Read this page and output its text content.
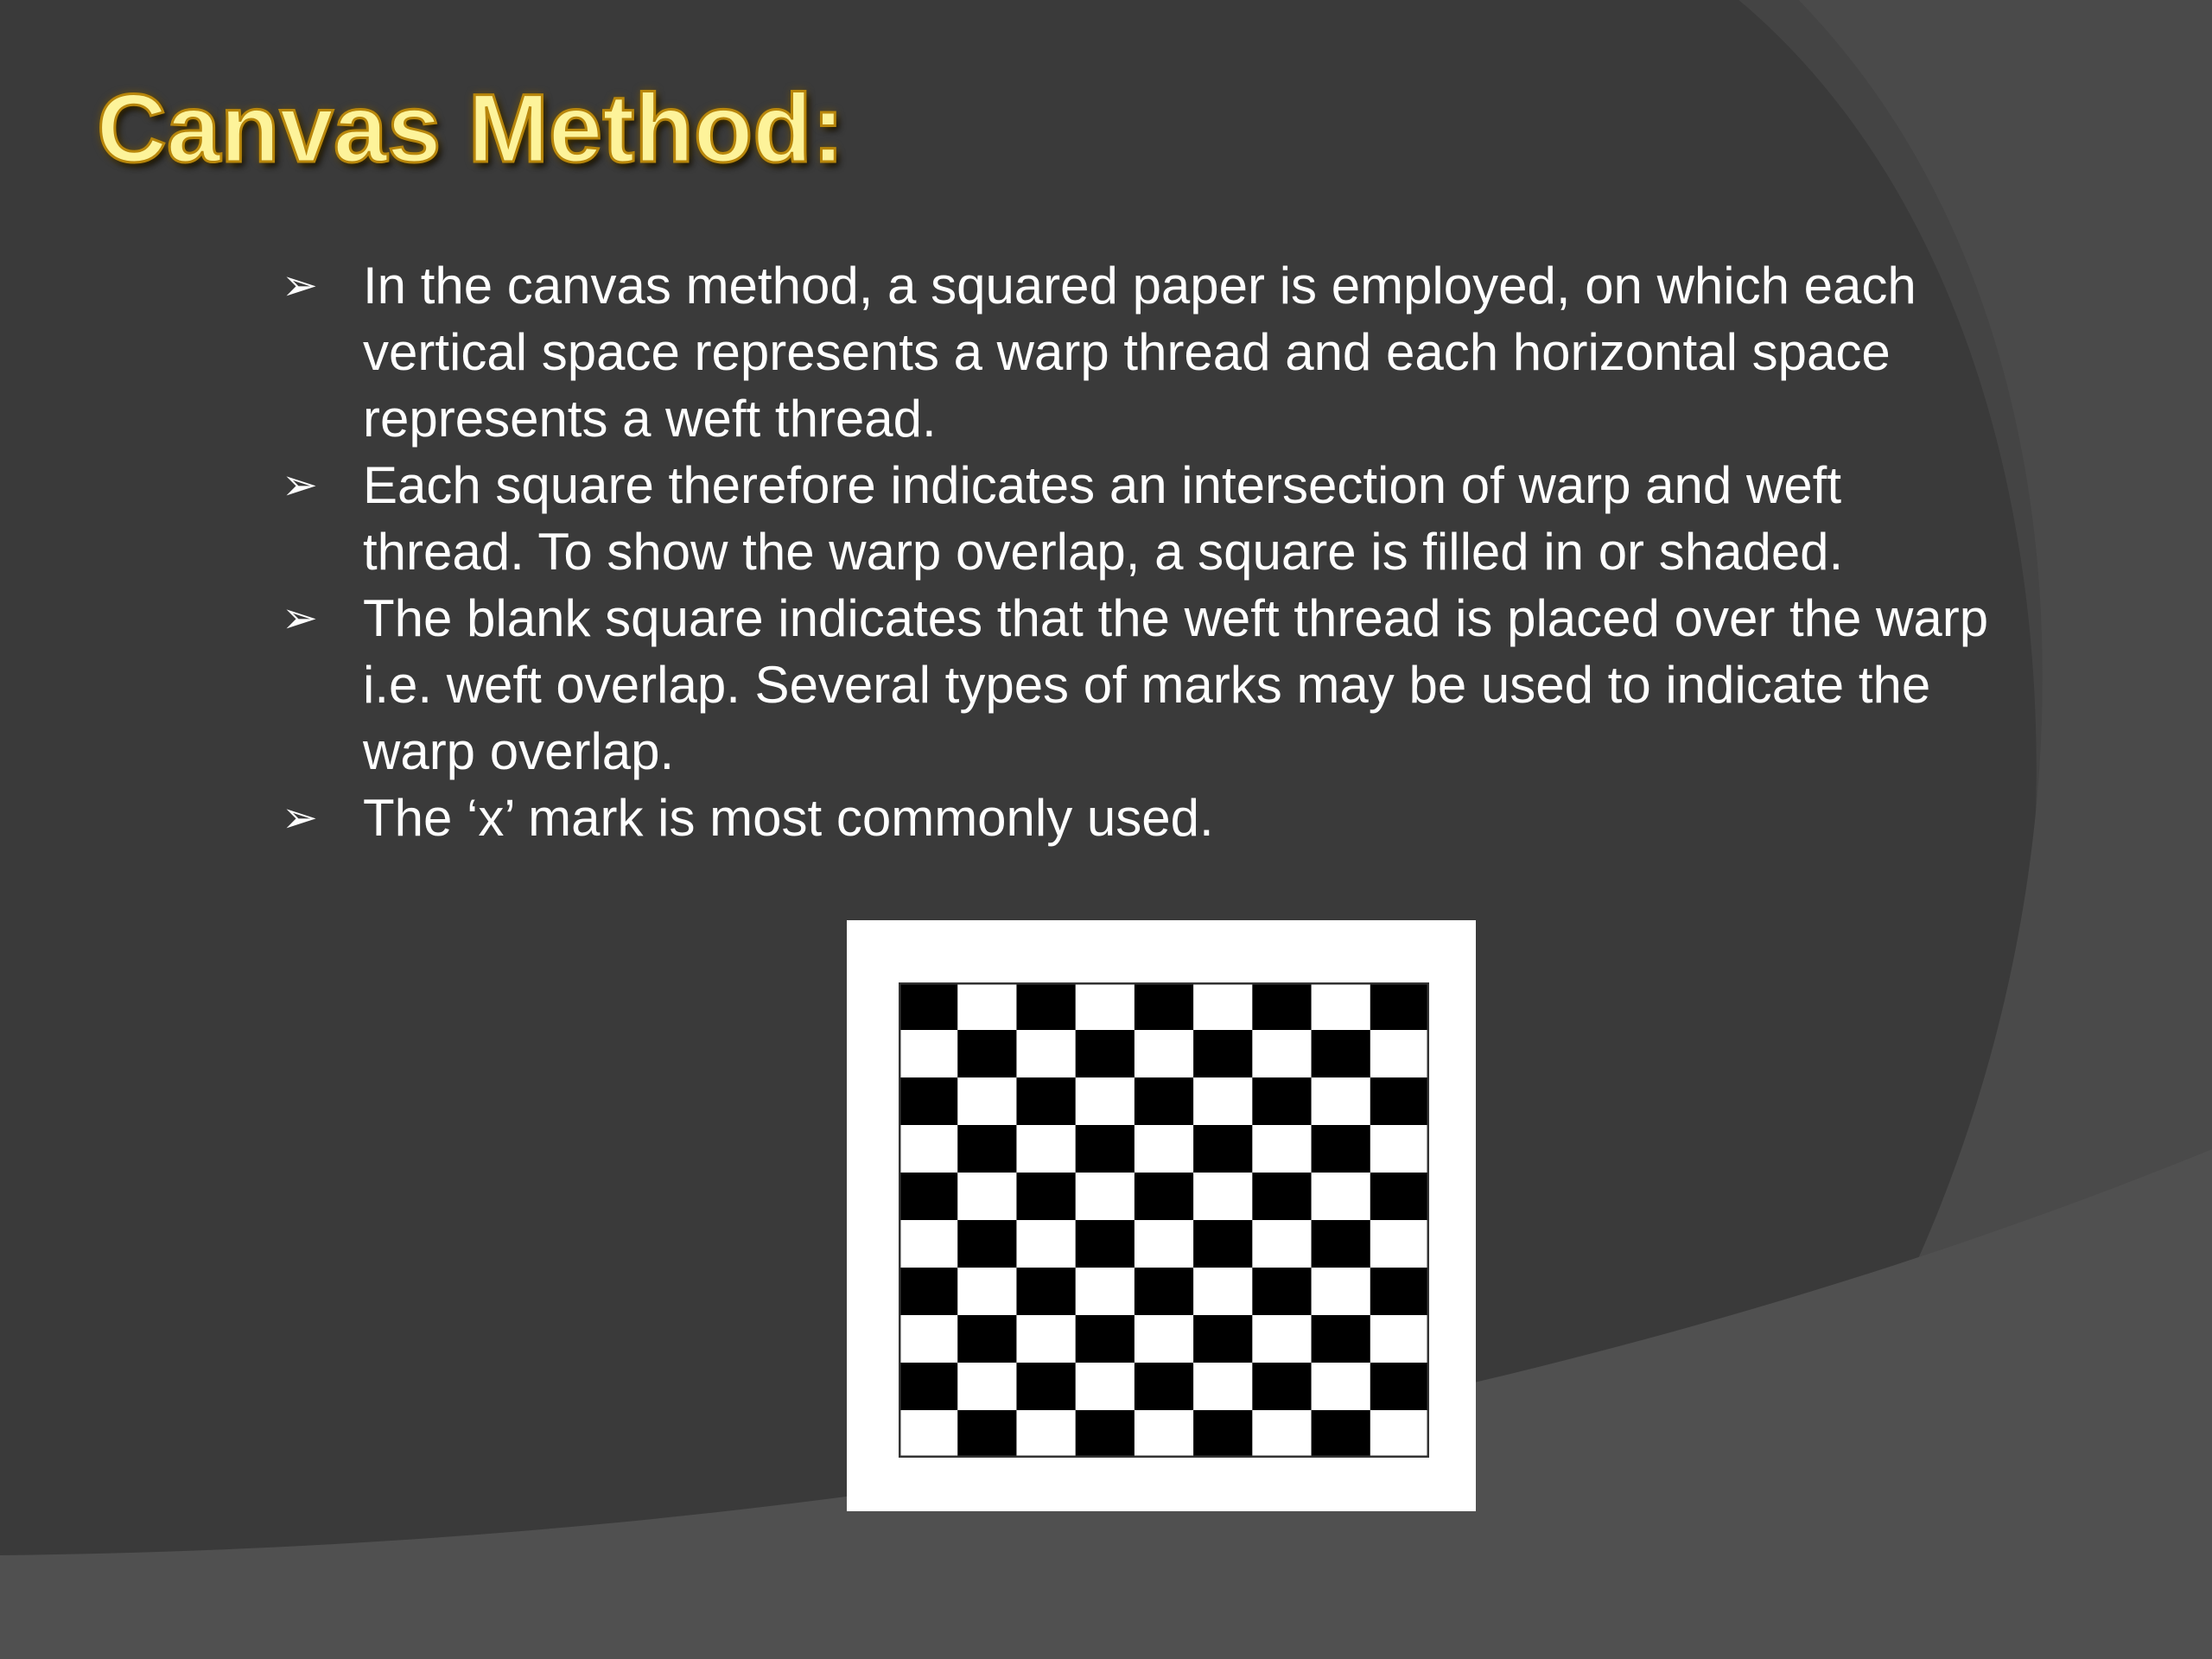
Canvas Method:
➢ In the canvas method, a squared paper is employed, on which each vertical space represents a warp thread and each horizontal space represents a weft thread.
➢ Each square therefore indicates an intersection of warp and weft thread. To show the warp overlap, a square is filled in or shaded.
➢ The blank square indicates that the weft thread is placed over the warp i.e. weft overlap. Several types of marks may be used to indicate the warp overlap.
➢ The ‘x’ mark is most commonly used.
